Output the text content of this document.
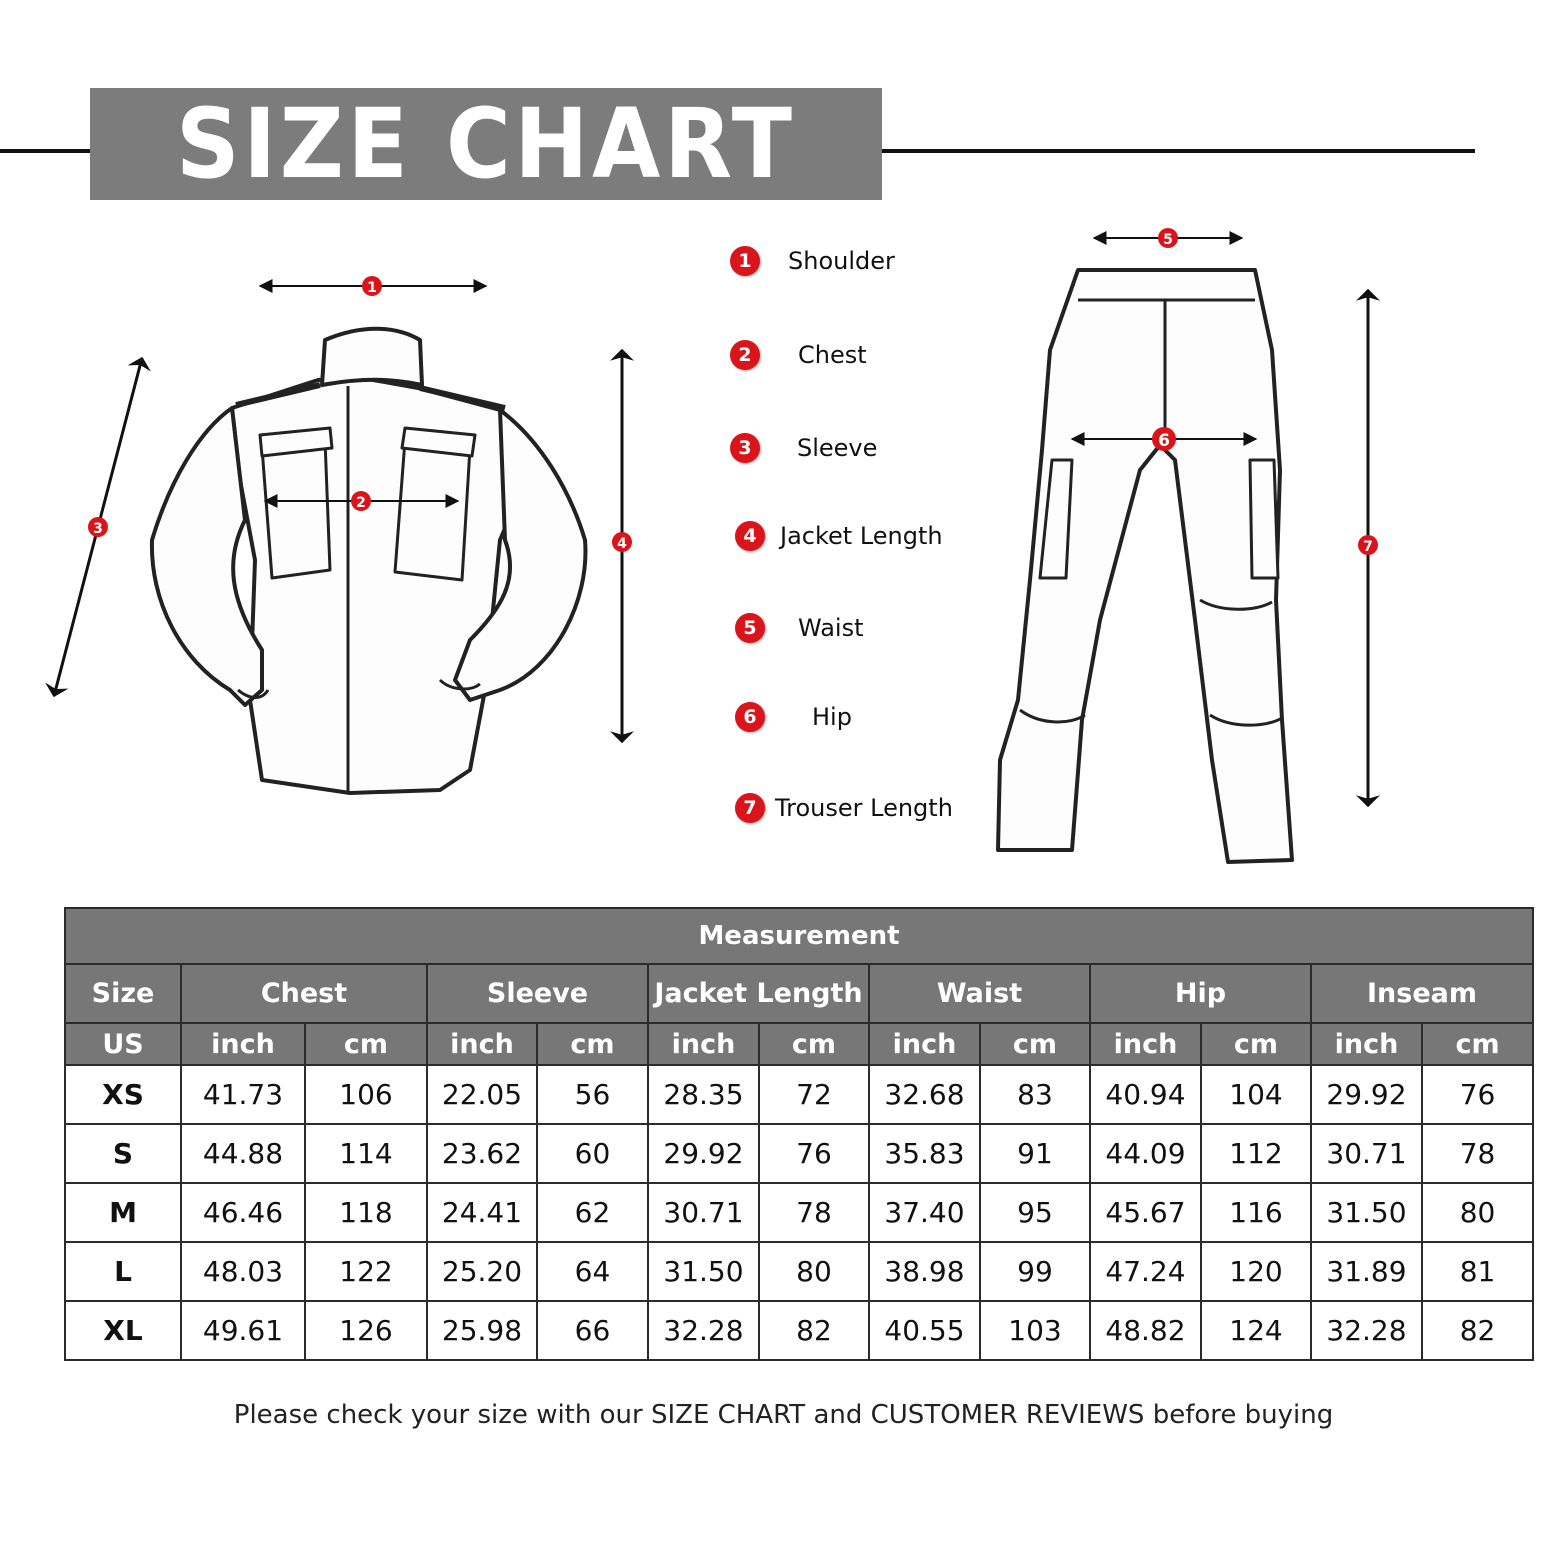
SIZE CHART
1
2
3
4
5
6
7
1	Shoulder
2	Chest
3	Sleeve
4 Jacket Length
5	Waist
6	Hip
7 Trouser Length
Measurement												
Size	Chest		Sleeve		Jacket Length		Waist		Hip		Inseam	
US	inch	cm	inch	cm	inch	cm	inch	cm	inch	cm	inch	cm
XS	41.73	106	22.05	56	28.35	72	32.68	83	40.94	104	29.92	76
S	44.88	114	23.62	60	29.92	76	35.83	91	44.09	112	30.71	78
M	46.46	118	24.41	62	30.71	78	37.40	95	45.67	116	31.50	80
L	48.03	122	25.20	64	31.50	80	38.98	99	47.24	120	31.89	81
XL	49.61	126	25.98	66	32.28	82	40.55	103	48.82	124	32.28	82
Please check your size with our SIZE CHART and CUSTOMER REVIEWS before buying
